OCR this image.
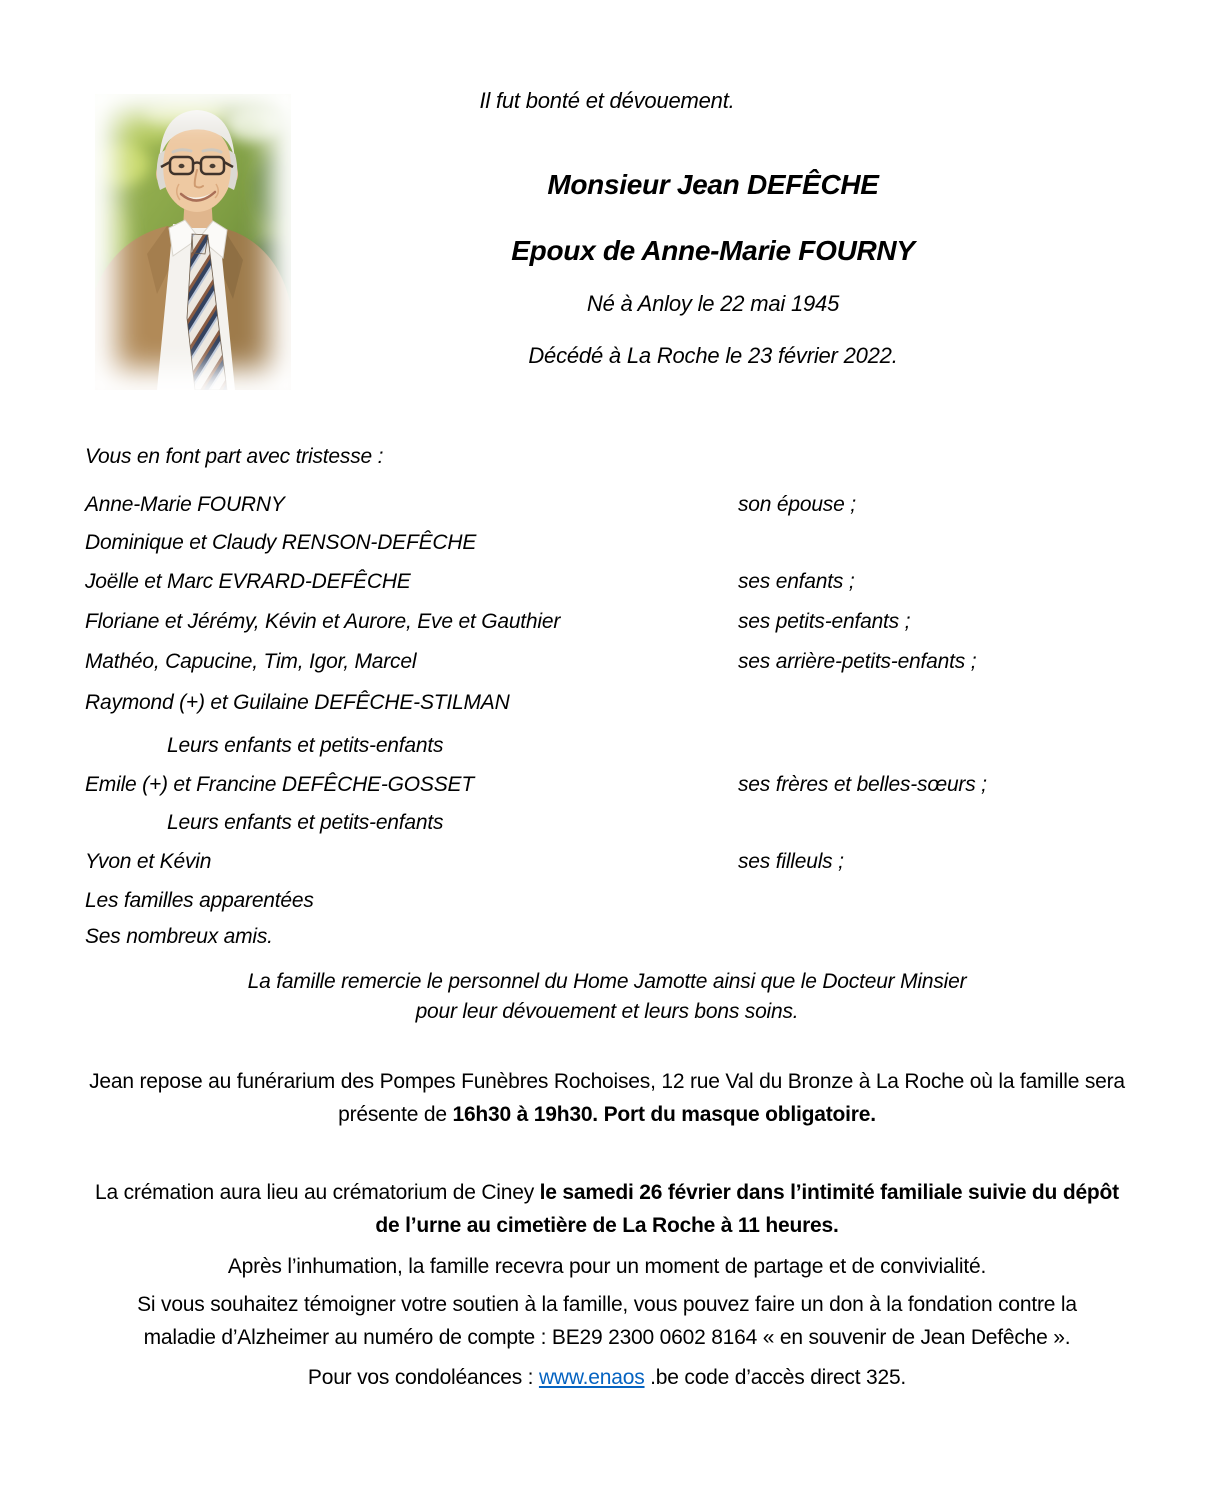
Il fut bonté et dévouement.
Monsieur Jean DEFÊCHE
Epoux de Anne-Marie FOURNY
Né à Anloy le 22 mai 1945
Décédé à La Roche le 23 février 2022.
Vous en font part avec tristesse :
Anne-Marie FOURNY	son épouse ;
Dominique et Claudy RENSON-DEFÊCHE
Joëlle et Marc EVRARD-DEFÊCHE	ses enfants ;
Floriane et Jérémy, Kévin et Aurore, Eve et Gauthier	ses petits-enfants ;
Mathéo, Capucine, Tim, Igor, Marcel	ses arrière-petits-enfants ;
Raymond (+) et Guilaine DEFÊCHE-STILMAN
Leurs enfants et petits-enfants
Emile (+) et Francine DEFÊCHE-GOSSET	ses frères et belles-sœurs ;
Leurs enfants et petits-enfants
Yvon et Kévin	ses filleuls ;
Les familles apparentées
Ses nombreux amis.
La famille remercie le personnel du Home Jamotte ainsi que le Docteur Minsier
pour leur dévouement et leurs bons soins.
Jean repose au funérarium des Pompes Funèbres Rochoises, 12 rue Val du Bronze à La Roche où la famille sera
présente de 16h30 à 19h30. Port du masque obligatoire.
La crémation aura lieu au crématorium de Ciney le samedi 26 février dans l’intimité familiale suivie du dépôt
de l’urne au cimetière de La Roche à 11 heures.
Après l’inhumation, la famille recevra pour un moment de partage et de convivialité.
Si vous souhaitez témoigner votre soutien à la famille, vous pouvez faire un don à la fondation contre la
maladie d’Alzheimer au numéro de compte : BE29 2300 0602 8164 « en souvenir de Jean Defêche ».
Pour vos condoléances : www.enaos .be code d’accès direct 325.
